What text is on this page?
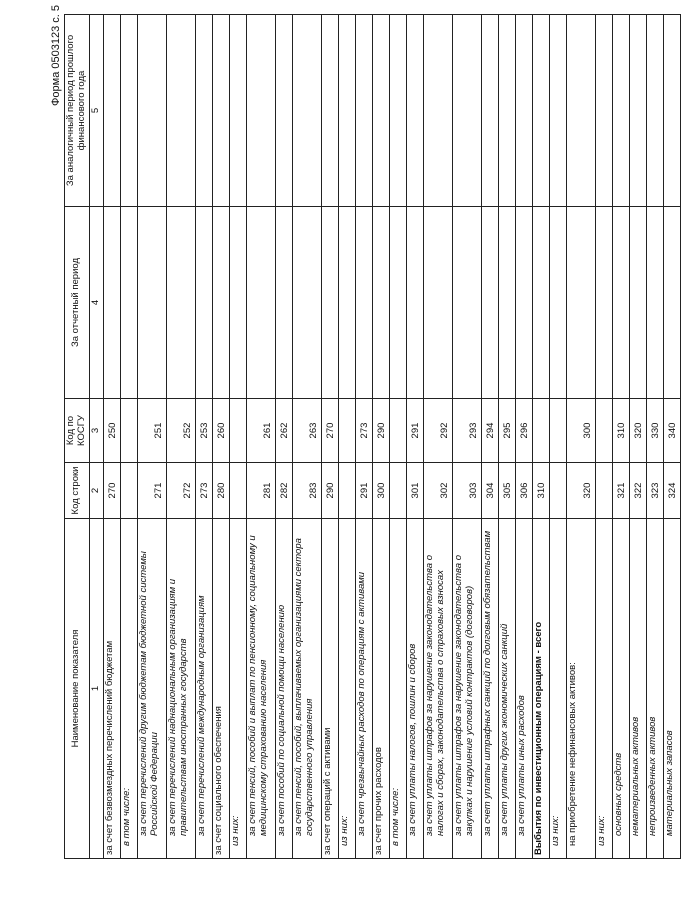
Форма 0503123 с. 5
Наименование показателя	Код строки	Код по КОСГУ	За отчетный период	За аналогичный период прошлого финансового года
1	2	3	4	5
за счет безвозмездных перечислений бюджетам	270	250		
в том числе:				
за счет перечислений другим бюджетам бюджетной системы Российской Федерации	271	251		
за счет перечислений наднациональным организациям и правительствам иностранных государств	272	252		
за счет перечислений международным организациям	273	253		
за счет социального обеспечения	280	260		
из них:				
за счет пенсий, пособий и выплат по пенсионному, социальному и медицинскому страхованию населения	281	261		
за счет пособий по социальной помощи населению	282	262		
за счет пенсий, пособий, выплачиваемых организациями сектора государственного управления	283	263		
за счет операций с активами	290	270		
из них:				
за счет чрезвычайных расходов по операциям с активами	291	273		
за счет прочих расходов	300	290		
в том числе:				
за счет уплаты налогов, пошлин и сборов	301	291		
за счет уплаты штрафов за нарушение законодательства о налогах и сборах, законодательства о страховых взносах	302	292		
за счет уплаты штрафов за нарушение законодательства о закупках и нарушение условий контрактов (договоров)	303	293		
за счет уплаты штрафных санкций по долговым обязательствам	304	294		
за счет уплаты других экономических санкций	305	295		
за счет уплаты иных расходов	306	296		
Выбытия по инвестиционным операциям - всего	310			
из них:				
на приобретение нефинансовых активов:	320	300		
из них:				
основных средств	321	310		
нематериальных активов	322	320		
непроизведенных активов	323	330		
материальных запасов	324	340		
